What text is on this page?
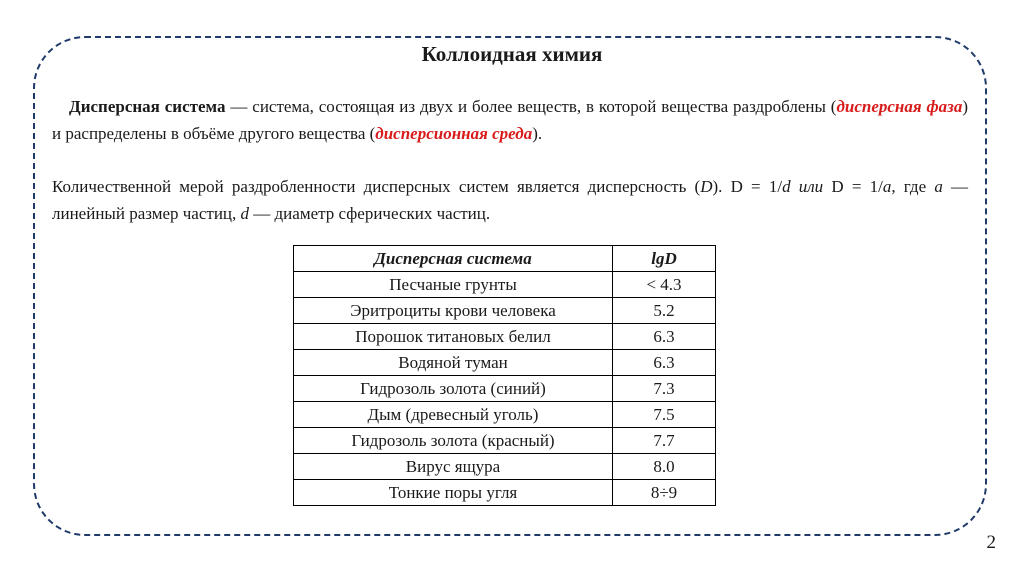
Коллоидная химия
Дисперсная система — система, состоящая из двух и более веществ, в которой вещества раздроблены (дисперсная фаза) и распределены в объёме другого вещества (дисперсионная среда).
Количественной мерой раздробленности дисперсных систем является дисперсность (D). D = 1/d или D = 1/a, где a — линейный размер частиц, d — диаметр сферических частиц.
Дисперсная система	lgD
Песчаные грунты	< 4.3
Эритроциты крови человека	5.2
Порошок титановых белил	6.3
Водяной туман	6.3
Гидрозоль золота (синий)	7.3
Дым (древесный уголь)	7.5
Гидрозоль золота (красный)	7.7
Вирус ящура	8.0
Тонкие поры угля	8÷9
2
